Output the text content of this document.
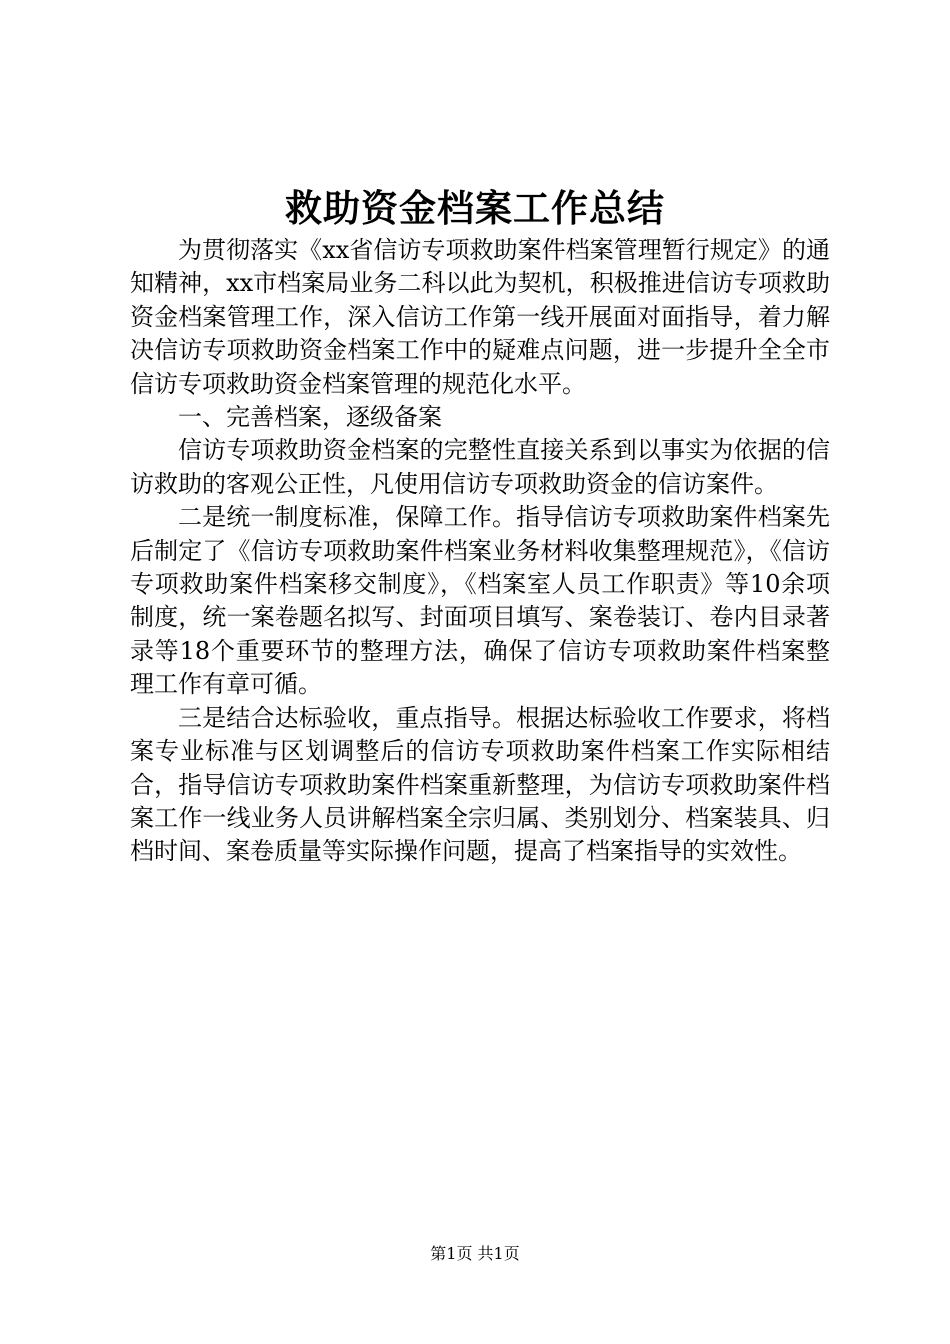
救助资金档案工作总结

为贯彻落实《xx省信访专项救助案件档案管理暂行规定》的通知精神，xx市档案局业务二科以此为契机，积极推进信访专项救助资金档案管理工作，深入信访工作第一线开展面对面指导，着力解决信访专项救助资金档案工作中的疑难点问题，进一步提升全全市信访专项救助资金档案管理的规范化水平。

一、完善档案，逐级备案

信访专项救助资金档案的完整性直接关系到以事实为依据的信访救助的客观公正性，凡使用信访专项救助资金的信访案件。

二是统一制度标准，保障工作。指导信访专项救助案件档案先后制定了《信访专项救助案件档案业务材料收集整理规范》，《信访专项救助案件档案移交制度》，《档案室人员工作职责》等10余项制度，统一案卷题名拟写、封面项目填写、案卷装订、卷内目录著录等18个重要环节的整理方法，确保了信访专项救助案件档案整理工作有章可循。

三是结合达标验收，重点指导。根据达标验收工作要求，将档案专业标准与区划调整后的信访专项救助案件档案工作实际相结合，指导信访专项救助案件档案重新整理，为信访专项救助案件档案工作一线业务人员讲解档案全宗归属、类别划分、档案装具、归档时间、案卷质量等实际操作问题，提高了档案指导的实效性。

第1页 共1页
